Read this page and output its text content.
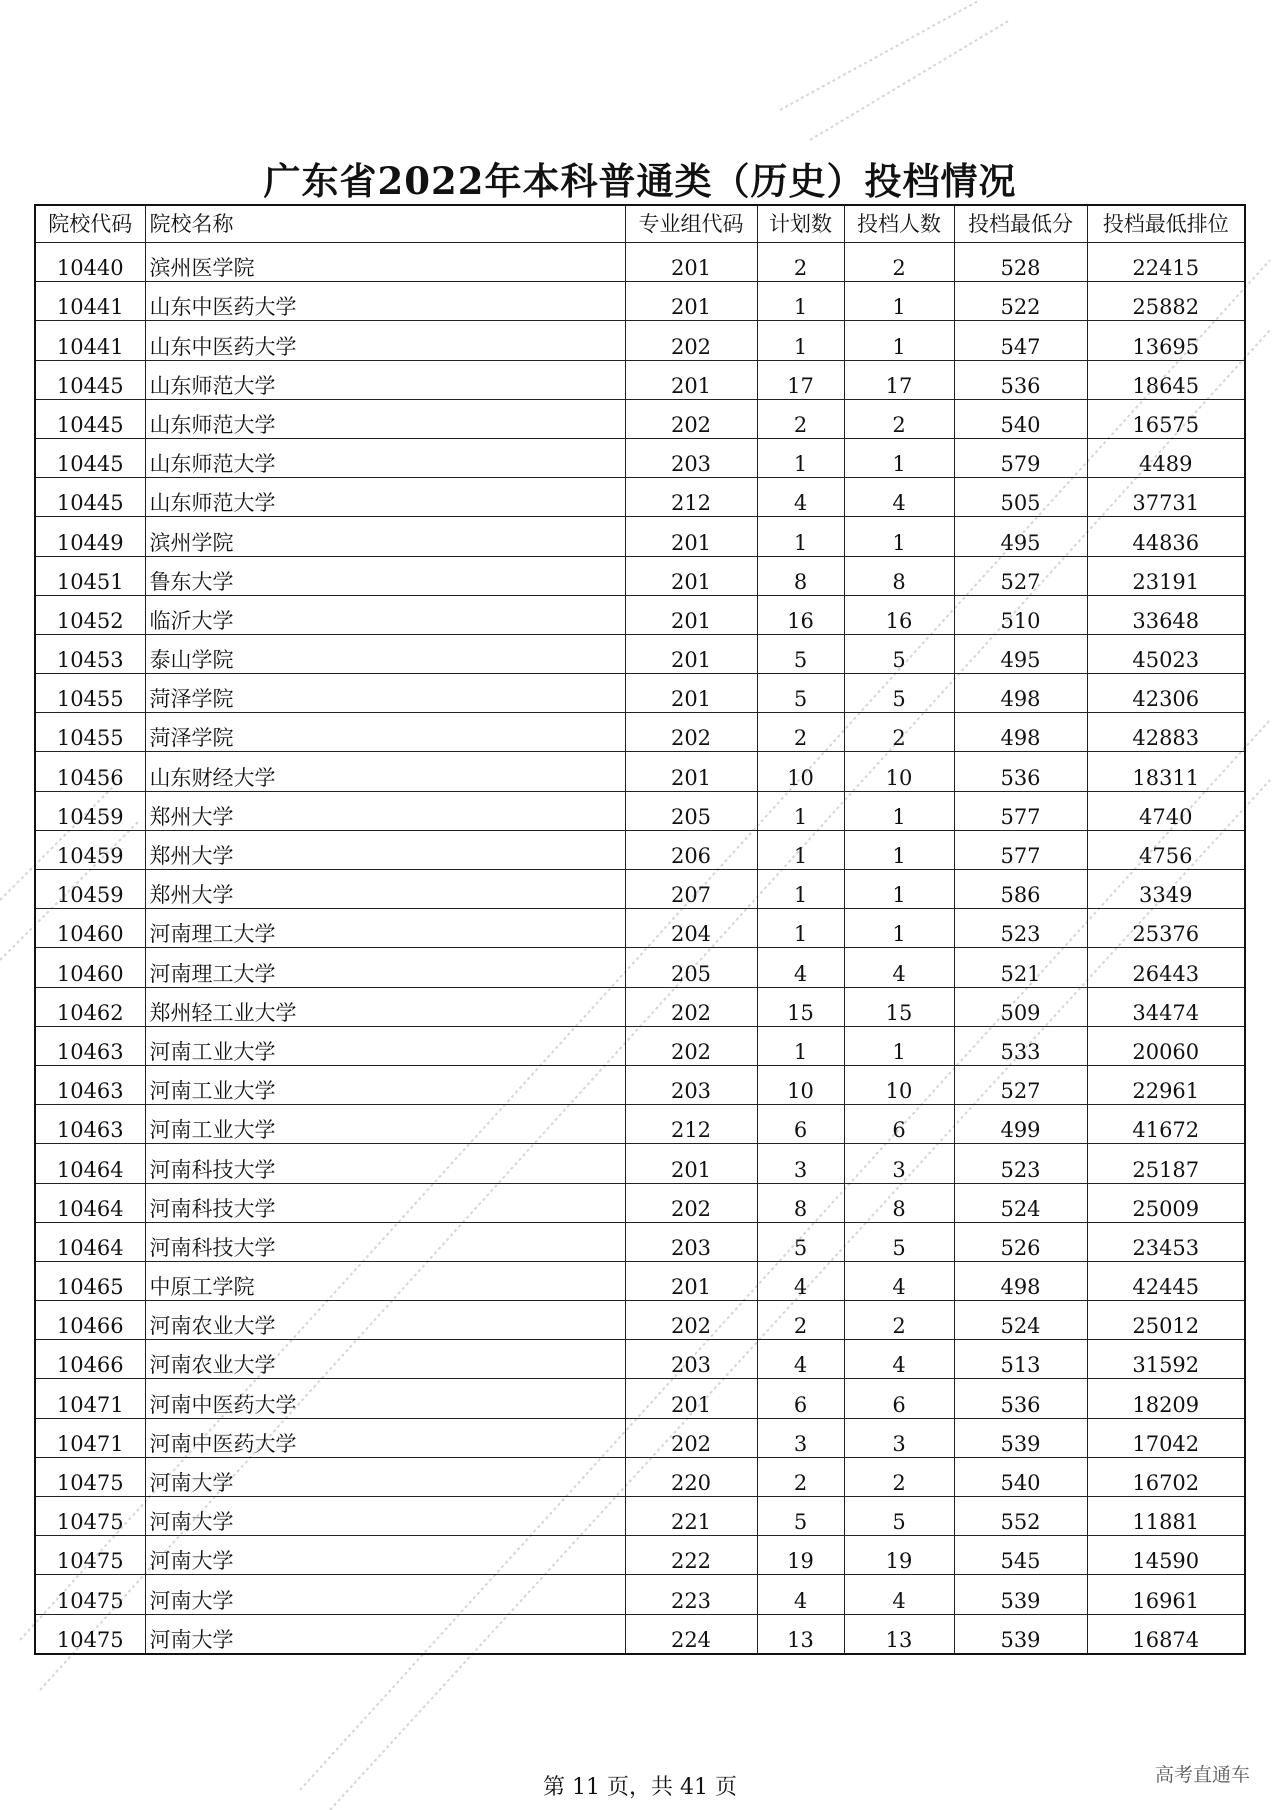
广东省2022年本科普通类（历史）投档情况
院校代码	院校名称	专业组代码	计划数	投档人数	投档最低分	投档最低排位
10440	滨州医学院	201	2	2	528	22415
10441	山东中医药大学	201	1	1	522	25882
10441	山东中医药大学	202	1	1	547	13695
10445	山东师范大学	201	17	17	536	18645
10445	山东师范大学	202	2	2	540	16575
10445	山东师范大学	203	1	1	579	4489
10445	山东师范大学	212	4	4	505	37731
10449	滨州学院	201	1	1	495	44836
10451	鲁东大学	201	8	8	527	23191
10452	临沂大学	201	16	16	510	33648
10453	泰山学院	201	5	5	495	45023
10455	菏泽学院	201	5	5	498	42306
10455	菏泽学院	202	2	2	498	42883
10456	山东财经大学	201	10	10	536	18311
10459	郑州大学	205	1	1	577	4740
10459	郑州大学	206	1	1	577	4756
10459	郑州大学	207	1	1	586	3349
10460	河南理工大学	204	1	1	523	25376
10460	河南理工大学	205	4	4	521	26443
10462	郑州轻工业大学	202	15	15	509	34474
10463	河南工业大学	202	1	1	533	20060
10463	河南工业大学	203	10	10	527	22961
10463	河南工业大学	212	6	6	499	41672
10464	河南科技大学	201	3	3	523	25187
10464	河南科技大学	202	8	8	524	25009
10464	河南科技大学	203	5	5	526	23453
10465	中原工学院	201	4	4	498	42445
10466	河南农业大学	202	2	2	524	25012
10466	河南农业大学	203	4	4	513	31592
10471	河南中医药大学	201	6	6	536	18209
10471	河南中医药大学	202	3	3	539	17042
10475	河南大学	220	2	2	540	16702
10475	河南大学	221	5	5	552	11881
10475	河南大学	222	19	19	545	14590
10475	河南大学	223	4	4	539	16961
10475	河南大学	224	13	13	539	16874
第 11 页，共 41 页	高考直通车
